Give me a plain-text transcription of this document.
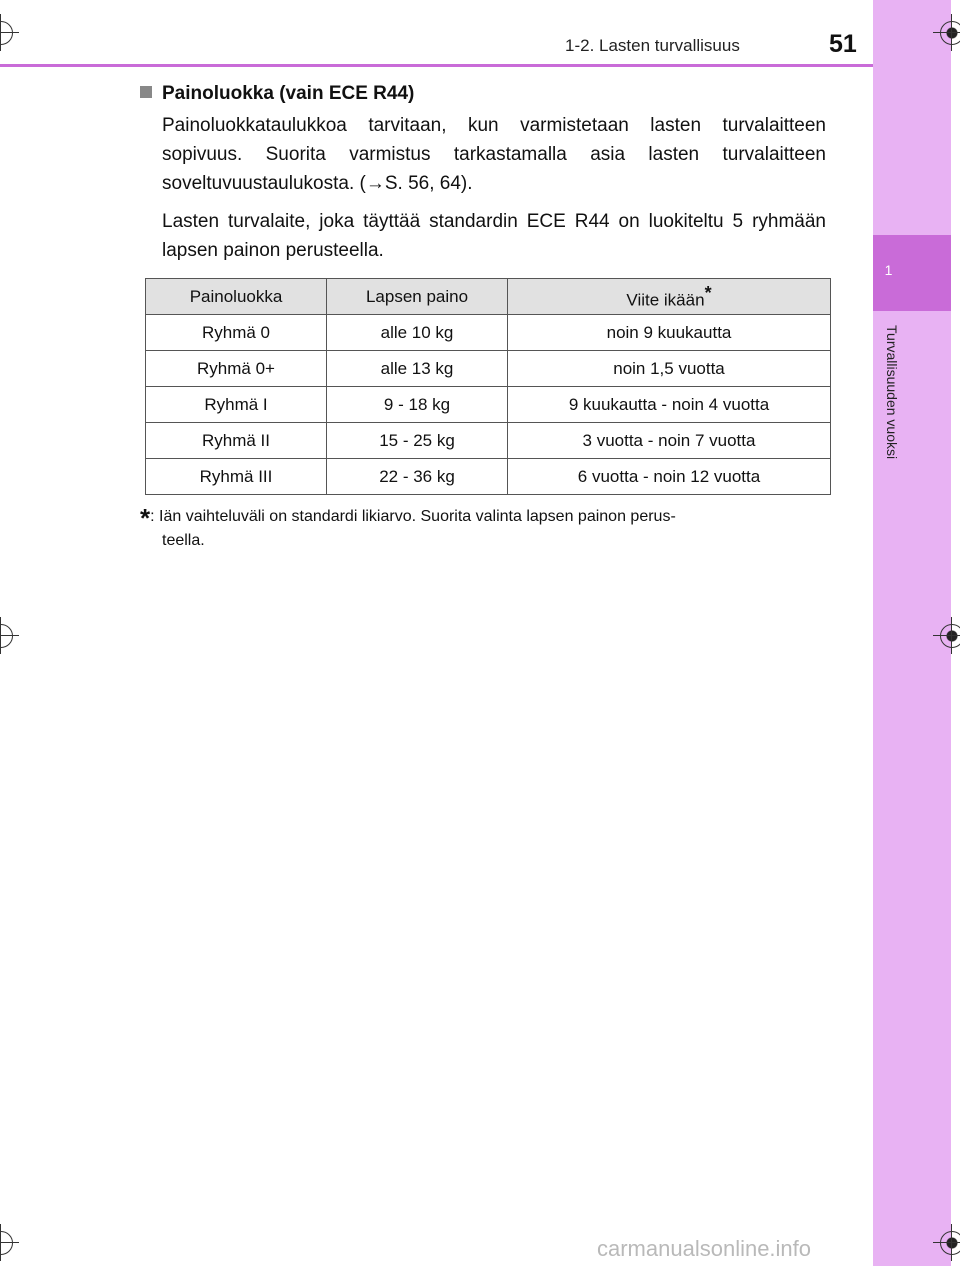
1
Turvallisuuden vuoksi
1-2. Lasten turvallisuus	51
Painoluokka (vain ECE R44)

Painoluokkataulukkoa tarvitaan, kun varmistetaan lasten turvalaitteen sopivuus. Suorita varmistus tarkastamalla asia lasten turvalaitteen soveltuvuustaulukosta. (→S. 56, 64).

Lasten turvalaite, joka täyttää standardin ECE R44 on luokiteltu 5 ryhmään lapsen painon perusteella.

Painoluokka	Lapsen paino	Viite ikään*
Ryhmä 0	alle 10 kg	noin 9 kuukautta
Ryhmä 0+	alle 13 kg	noin 1,5 vuotta
Ryhmä I	9 - 18 kg	9 kuukautta - noin 4 vuotta
Ryhmä II	15 - 25 kg	3 vuotta - noin 7 vuotta
Ryhmä III	22 - 36 kg	6 vuotta - noin 12 vuotta
*: Iän vaihteluväli on standardi likiarvo. Suorita valinta lapsen painon perus-
teella.
carmanualsonline.info
